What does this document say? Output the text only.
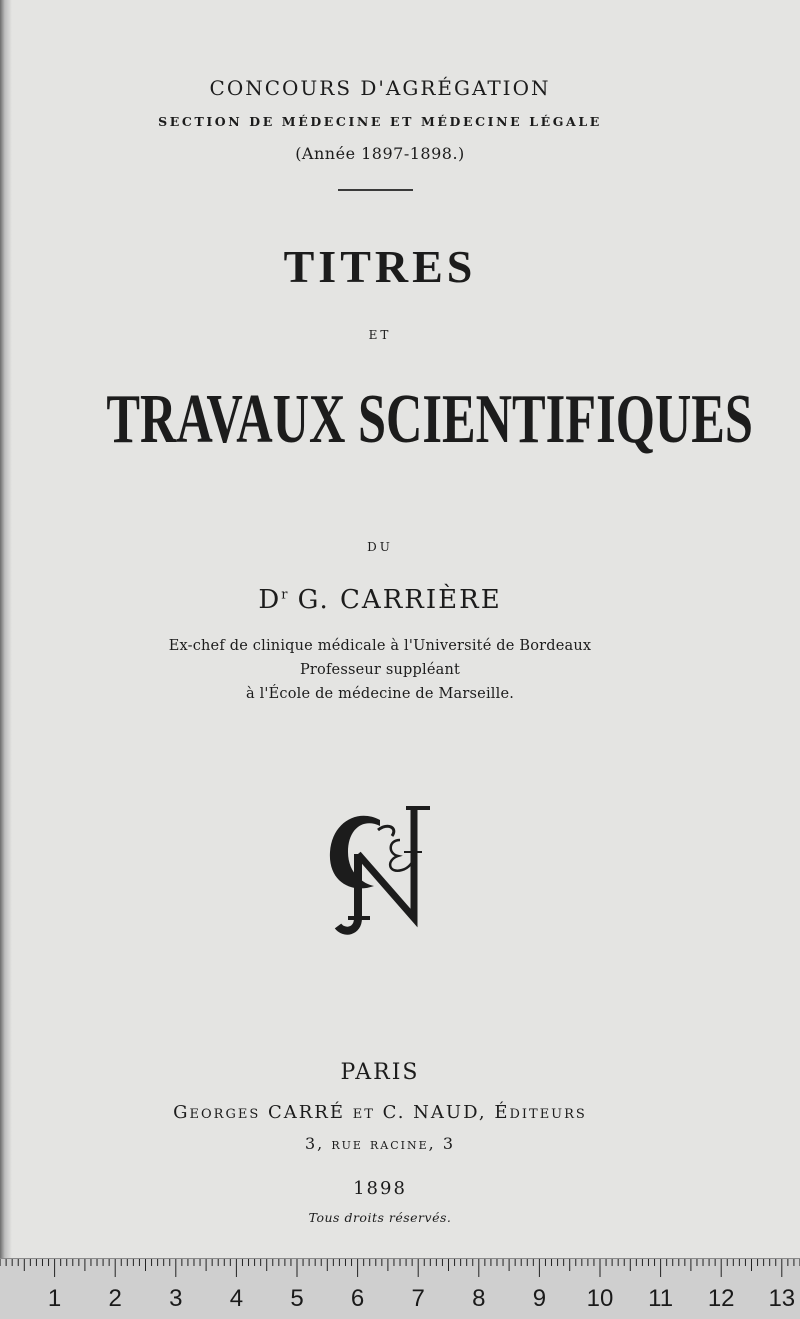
CONCOURS D'AGRÉGATION
SECTION DE MÉDECINE ET MÉDECINE LÉGALE
(Année 1897-1898.)
TITRES
ET
TRAVAUX SCIENTIFIQUES
DU
$D^r$ G. CARRIÈRE
Ex-chef de clinique médicale à l'Université de Bordeaux
Professeur suppléant
à l'École de médecine de Marseille.
PARIS
Georges CARRÉ et C. NAUD, Éditeurs
3, rue racine, 3
1898
Tous droits réservés.
1	2	3	4	5	6	7	8	9	10 11 12 13
